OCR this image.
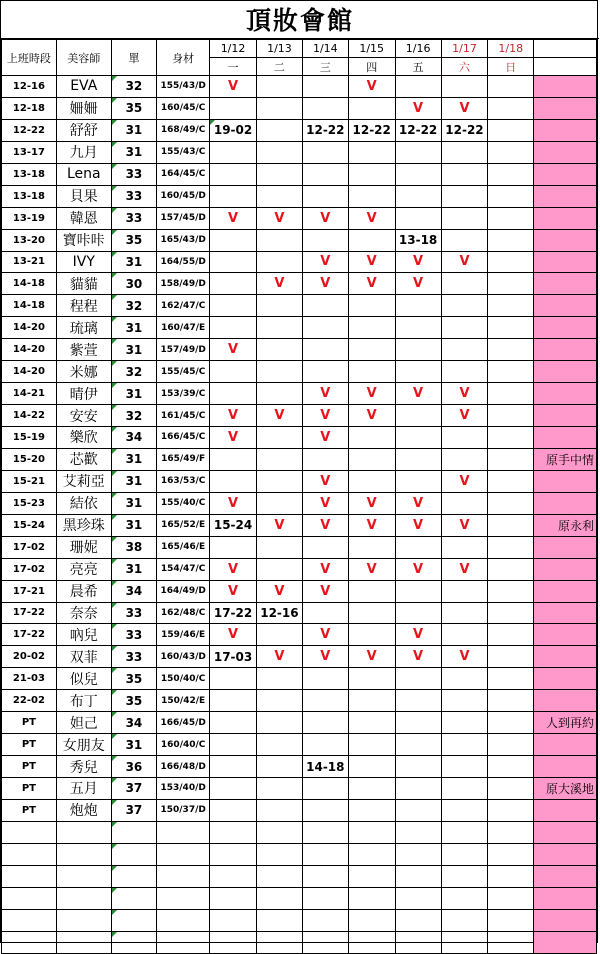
頂妝會館
上班時段	美容師	單	身材	1/12	1/13	1/14	1/15	1/16	1/17	1/18	
				一	二	三	四	五	六	日	
12-16	EVA	32	155/43/D	V			V				
12-18	姍姍	35	160/45/C					V	V		
12-22	舒舒	31	168/49/C	19-02		12-22	12-22	12-22	12-22		
13-17	九月	31	155/43/C								
13-18	Lena	33	164/45/C								
13-18	貝果	33	160/45/D								
13-19	韓恩	33	157/45/D	V	V	V	V				
13-20	寶咔咔	35	165/43/D					13-18			
13-21	IVY	31	164/55/D			V	V	V	V		
14-18	貓貓	30	158/49/D		V	V	V	V			
14-18	程程	32	162/47/C								
14-20	琉璃	31	160/47/E								
14-20	紫萱	31	157/49/D	V							
14-20	米娜	32	155/45/C								
14-21	晴伊	31	153/39/C			V	V	V	V		
14-22	安安	32	161/45/C	V	V	V	V		V		
15-19	樂欣	34	166/45/C	V		V					
15-20	芯歡	31	165/49/F								原手中情
15-21	艾莉亞	31	163/53/C			V			V		
15-23	結依	31	155/40/C	V		V	V	V			
15-24	黑珍珠	31	165/52/E	15-24	V	V	V	V	V		原永利
17-02	珊妮	38	165/46/E								
17-02	亮亮	31	154/47/C	V		V	V	V	V		
17-21	晨希	34	164/49/D	V	V	V					
17-22	奈奈	33	162/48/C	17-22	12-16						
17-22	吶兒	33	159/46/E	V		V		V			
20-02	双菲	33	160/43/D	17-03	V	V	V	V	V		
21-03	似兒	35	150/40/C								
22-02	布丁	35	150/42/E								
PT	妲己	34	166/45/D								人到再約
PT	女朋友	31	160/40/C								
PT	秀兒	36	166/48/D			14-18					
PT	五月	37	153/40/D								原大溪地
PT	炮炮	37	150/37/D								
